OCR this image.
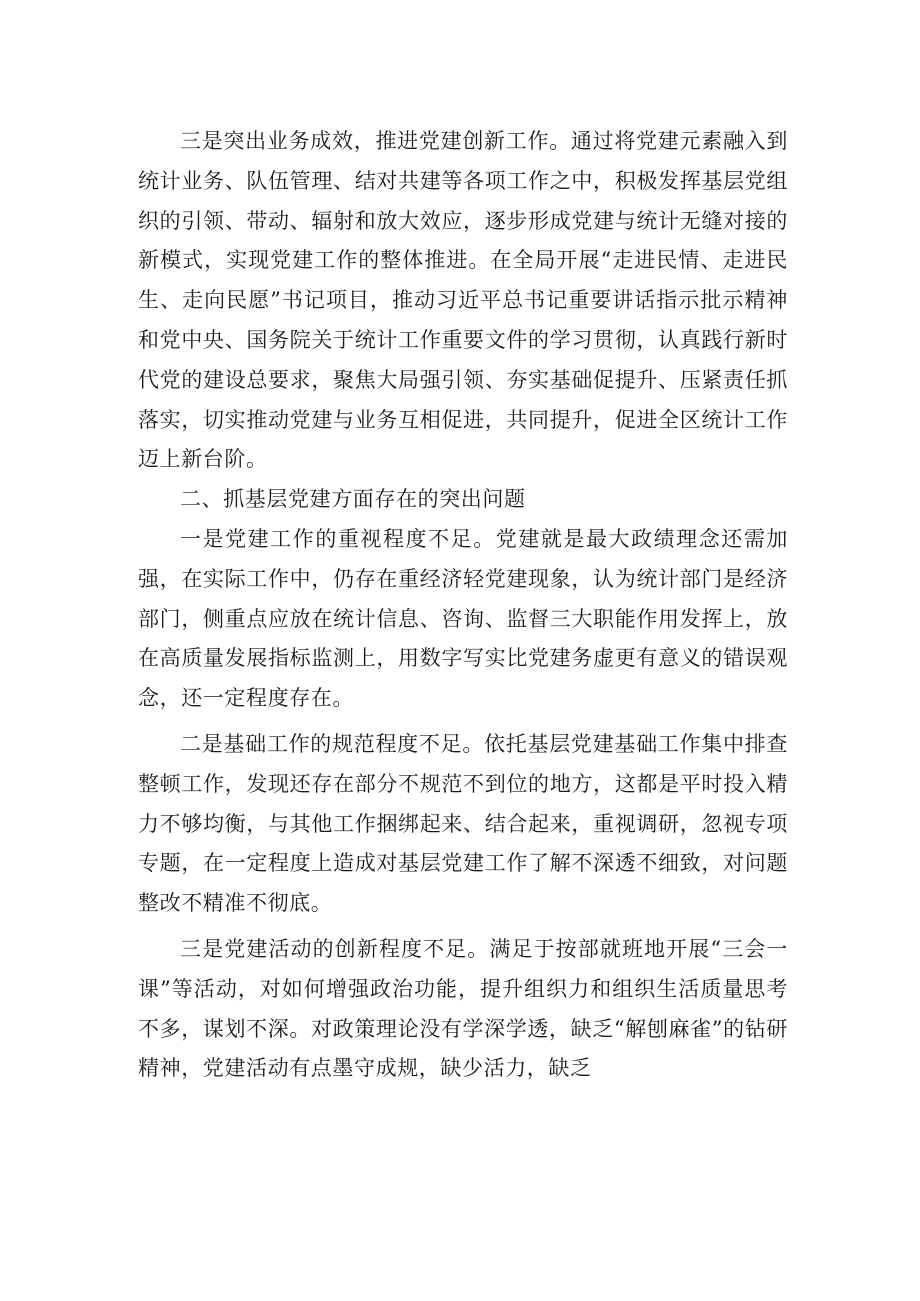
三是突出业务成效，推进党建创新工作。通过将党建元素融入到统计业务、队伍管理、结对共建等各项工作之中，积极发挥基层党组织的引领、带动、辐射和放大效应，逐步形成党建与统计无缝对接的新模式，实现党建工作的整体推进。在全局开展“走进民情、走进民生、走向民愿”书记项目，推动习近平总书记重要讲话指示批示精神和党中央、国务院关于统计工作重要文件的学习贯彻，认真践行新时代党的建设总要求，聚焦大局强引领、夯实基础促提升、压紧责任抓落实，切实推动党建与业务互相促进，共同提升，促进全区统计工作迈上新台阶。

二、抓基层党建方面存在的突出问题

一是党建工作的重视程度不足。党建就是最大政绩理念还需加强，在实际工作中，仍存在重经济轻党建现象，认为统计部门是经济部门，侧重点应放在统计信息、咨询、监督三大职能作用发挥上，放在高质量发展指标监测上，用数字写实比党建务虚更有意义的错误观念，还一定程度存在。

二是基础工作的规范程度不足。依托基层党建基础工作集中排查整顿工作，发现还存在部分不规范不到位的地方，这都是平时投入精力不够均衡，与其他工作捆绑起来、结合起来，重视调研，忽视专项专题，在一定程度上造成对基层党建工作了解不深透不细致，对问题整改不精准不彻底。

三是党建活动的创新程度不足。满足于按部就班地开展“三会一课”等活动，对如何增强政治功能，提升组织力和组织生活质量思考不多，谋划不深。对政策理论没有学深学透，缺乏“解刨麻雀”的钻研精神，党建活动有点墨守成规，缺少活力，缺乏
